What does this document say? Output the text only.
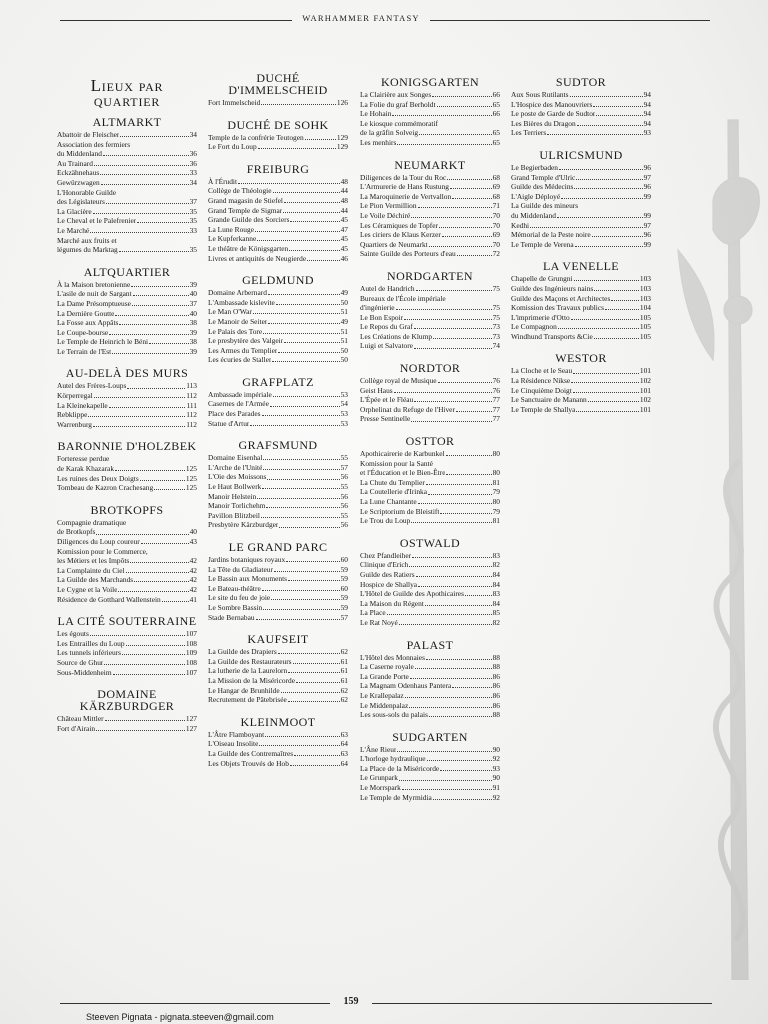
WARHAMMER FANTASY
Lieux par
quartier
ALTMARKT
Abattoir de Fleischer	34
Association des fermiers
du Middenland	36
Au Trainard	36
Eckzähnehaus	33
Gewürzwagen	34
L'Honorable Guilde
des Législateurs	37
La Glacière	35
Le Cheval et le Palefrenier	35
Le Marché	33
Marché aux fruits et
légumes du Marktag	35
ALTQUARTIER
À la Maison bretonienne	39
L'asile de nuit de Sargant	40
La Dame Présomptueuse	37
La Dernière Goutte	40
La Fosse aux Appâts	38
Le Coupe-bourse	39
Le Temple de Heinrich le Béni	38
Le Terrain de l'Est	39
AU-DELÀ DES MURS
Autel des Frères-Loups	113
Körperregal	112
La Kleinekapelle	111
Rebklippe	112
Warrenburg	112
BARONNIE D'HOLZBEK
Forteresse perdue
de Karak Khazarak	125
Les ruines des Deux Doigts	125
Tombeau de Kazron Crachesang	125
BROTKOPFS
Compagnie dramatique
de Brotkopfs	40
Diligences du Loup coureur	43
Komission pour le Commerce,
les Métiers et les Impôts	42
La Complainte du Ciel	42
La Guilde des Marchands	42
Le Cygne et la Voile	42
Résidence de Gotthard Wallenstein	41
LA CITÉ SOUTERRAINE
Les égouts	107
Les Entrailles du Loup	108
Les tunnels inférieurs	109
Source de Ghur	108
Sous-Middenheim	107
DOMAINE KÄRZBURDGER
Château Mittler	127
Fort d'Airain	127
DUCHÉ D'IMMELSCHEID
Fort Immelscheid	126
DUCHÉ DE SOHK
Temple de la confrérie Teutogen	129
Le Fort du Loup	129
FREIBURG
À l'Érudit	48
Collège de Théologie	44
Grand magasin de Stiefel	48
Grand Temple de Sigmar	44
Grande Guilde des Sorciers	45
La Lune Rouge	47
Le Kupferkanne	45
Le théâtre de Königsgarten	45
Livres et antiquités de Neugierde	46
GELDMUND
Domaine Arbernard	49
L'Ambassade kislevite	50
Le Man O'War	51
Le Manoir de Seiter	49
Le Palais des Tore	51
Le presbytère des Valgeir	51
Les Armes du Templier	50
Les écuries de Staller	50
GRAFPLATZ
Ambassade impériale	53
Casernes de l'Armée	54
Place des Parades	53
Statue d'Artur	53
GRAFSMUND
Domaine Eisenhal	55
L'Arche de l'Unité	57
L'Oie des Moissons	56
Le Haut Bollwerk	55
Manoir Helstein	56
Manoir Torlichehm	56
Pavillon Blitzbeil	55
Presbytère Kärzburdger	56
LE GRAND PARC
Jardins botaniques royaux	60
La Tête du Gladiateur	59
Le Bassin aux Monuments	59
Le Bateau-théâtre	60
Le site du feu de joie	59
Le Sombre Bassin	59
Stade Bernabau	57
KAUFSEIT
La Guilde des Drapiers	62
La Guilde des Restaurateurs	61
La lutherie de la Laurelorn	61
La Mission de la Miséricorde	61
Le Hangar de Brunhilde	62
Recrutement de Pâtebrisée	62
KLEINMOOT
L'Âtre Flamboyant	63
L'Oiseau Insolite	64
La Guilde des Contremaîtres	63
Les Objets Trouvés de Hob	64
KONIGSGARTEN
La Clairière aux Songes	66
La Folie du graf Berholdt	65
Le Hohain	66
Le kiosque commémoratif
de la grâfin Solveig	65
Les menhirs	65
NEUMARKT
Diligences de la Tour du Roc	68
L'Armurerie de Hans Rustung	69
La Maroquinerie de Vertvallon	68
Le Pion Vermillion	71
Le Voile Déchiré	70
Les Céramiques de Topfer	70
Les ciriers de Klaus Kerzer	69
Quartiers de Neumarkt	70
Sainte Guilde des Porteurs d'eau	72
NORDGARTEN
Autel de Handrich	75
Bureaux de l'École impériale
d'ingénierie	75
Le Bon Espoir	75
Le Repos du Graf	73
Les Créations de Klump	73
Luigi et Salvatore	74
NORDTOR
Collège royal de Musique	76
Geist Haus	76
L'Épée et le Fléau	77
Orphelinat du Refuge de l'Hiver	77
Presse Sentinelle	77
OSTTOR
Apothicairerie de Karbunkel	80
Komission pour la Santé
et l'Éducation et le Bien-Être	80
La Chute du Templier	81
La Coutellerie d'Irinka	79
La Lune Chantante	80
Le Scriptorium de Bleistift	79
Le Trou du Loup	81
OSTWALD
Chez Pfandleiher	83
Clinique d'Erich	82
Guilde des Ratiers	84
Hospice de Shallya	84
L'Hôtel de Guilde des Apothicaires	83
La Maison du Régent	84
La Place	85
Le Rat Noyé	82
PALAST
L'Hôtel des Monnaies	88
La Caserne royale	88
La Grande Porte	86
La Magnam Odenhaus Pantera	86
Le Krallepalaz	86
Le Middenpalaz	86
Les sous-sols du palais	88
SUDGARTEN
L'Âne Rieur	90
L'horloge hydraulique	92
La Place de la Miséricorde	93
Le Grunpark	90
Le Morrspark	91
Le Temple de Myrmidia	92
SUDTOR
Aux Sous Rutilants	94
L'Hospice des Manouvriers	94
Le poste de Garde de Sudtor	94
Les Bières du Dragon	94
Les Terriers	93
ULRICSMUND
Le Begierbaden	96
Grand Temple d'Ulric	97
Guilde des Médecins	96
L'Aigle Déployé	99
La Guilde des mineurs
du Middenland	99
Kedhi	97
Mémorial de la Peste noire	96
Le Temple de Verena	99
LA VENELLE
Chapelle de Grungni	103
Guilde des Ingénieurs nains	103
Guilde des Maçons et Architectes	103
Komission des Travaux publics	104
L'imprimerie d'Otto	105
Le Compagnon	105
Windhund Transports &Cie	105
WESTOR
La Cloche et le Seau	101
La Résidence Nikse	102
Le Cinquième Doigt	101
Le Sanctuaire de Manann	102
Le Temple de Shallya	101
159
Steeven Pignata - pignata.steeven@gmail.com
